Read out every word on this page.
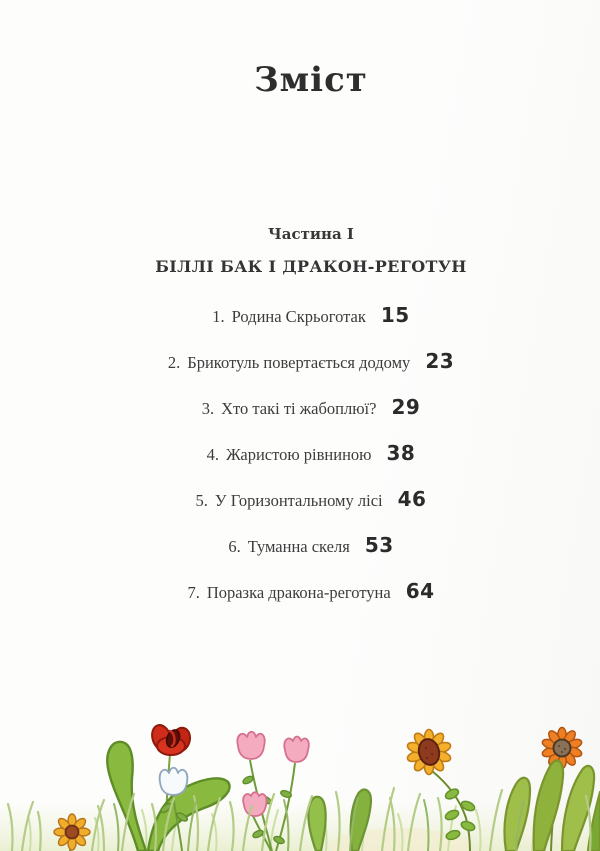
Зміст
Частина I
БІЛЛІ БАК І ДРАКОН-РЕГОТУН
1. Родина Скрьоготак 15
2. Брикотуль повертається додому 23
3. Хто такі ті жабоплюї? 29
4. Жаристою рівниною 38
5. У Горизонтальному лісі 46
6. Туманна скеля 53
7. Поразка дракона-реготуна 64
